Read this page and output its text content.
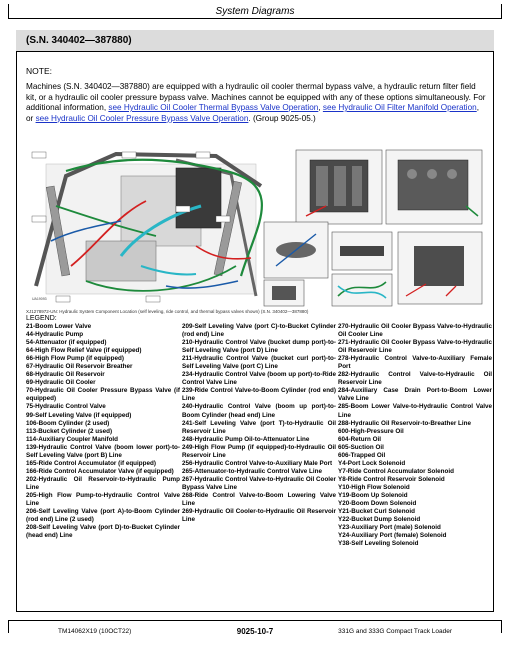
System Diagrams
(S.N. 340402—387880)
NOTE:
Machines (S.N. 340402—387880) are equipped with a hydraulic oil cooler thermal bypass valve, a hydraulic return filter field kit, or a hydraulic oil cooler pressure bypass valve. Machines cannot be equipped with any of these options simultaneously. For additional information, see Hydraulic Oil Cooler Thermal Bypass Valve Operation, see Hydraulic Oil Filter Manifold Operation, or see Hydraulic Oil Cooler Pressure Bypass Valve Operation. (Group 9025-05.)
UA19093
XJ1278972-UN: Hydraulic System Component Location (self leveling, ride control, and thermal bypass valves shown) (S.N. 340402—387880)
LEGEND:
21-Boom Lower Valve
44-Hydraulic Pump
54-Attenuator (if equipped)
64-High Flow Relief Valve (if equipped)
66-High Flow Pump (if equipped)
67-Hydraulic Oil Reservoir Breather
68-Hydraulic Oil Reservoir
69-Hydraulic Oil Cooler
70-Hydraulic Oil Cooler Pressure Bypass Valve (if equipped)
75-Hydraulic Control Valve
99-Self Leveling Valve (if equipped)
106-Boom Cylinder (2 used)
113-Bucket Cylinder (2 used)
114-Auxiliary Coupler Manifold
139-Hydraulic Control Valve (boom lower port)-to-Self Leveling Valve (port B) Line
165-Ride Control Accumulator (if equipped)
166-Ride Control Accumulator Valve (if equipped)
202-Hydraulic Oil Reservoir-to-Hydraulic Pump Line
205-High Flow Pump-to-Hydraulic Control Valve Line
206-Self Leveling Valve (port A)-to-Boom Cylinder (rod end) Line (2 used)
208-Self Leveling Valve (port D)-to-Bucket Cylinder (head end) Line
209-Self Leveling Valve (port C)-to-Bucket Cylinder (rod end) Line
210-Hydraulic Control Valve (bucket dump port)-to-Self Leveling Valve (port D) Line
211-Hydraulic Control Valve (bucket curl port)-to-Self Leveling Valve (port C) Line
234-Hydraulic Control Valve (boom up port)-to-Ride Control Valve Line
239-Ride Control Valve-to-Boom Cylinder (rod end) Line
240-Hydraulic Control Valve (boom up port)-to-Boom Cylinder (head end) Line
241-Self Leveling Valve (port T)-to-Hydraulic Oil Reservoir Line
248-Hydraulic Pump Oil-to-Attenuator Line
249-High Flow Pump (if equipped)-to-Hydraulic Oil Reservoir Line
256-Hydraulic Control Valve-to-Auxiliary Male Port
265-Attenuator-to-Hydraulic Control Valve Line
267-Hydraulic Control Valve-to-Hydraulic Oil Cooler Bypass Valve Line
268-Ride Control Valve-to-Boom Lowering Valve Line
269-Hydraulic Oil Cooler-to-Hydraulic Oil Reservoir Line
270-Hydraulic Oil Cooler Bypass Valve-to-Hydraulic Oil Cooler Line
271-Hydraulic Oil Cooler Bypass Valve-to-Hydraulic Oil Reservoir Line
278-Hydraulic Control Valve-to-Auxiliary Female Port
282-Hydraulic Control Valve-to-Hydraulic Oil Reservoir Line
284-Auxiliary Case Drain Port-to-Boom Lower Valve Line
285-Boom Lower Valve-to-Hydraulic Control Valve Line
288-Hydraulic Oil Reservoir-to-Breather Line
600-High-Pressure Oil
604-Return Oil
605-Suction Oil
606-Trapped Oil
Y4-Port Lock Solenoid
Y7-Ride Control Accumulator Solenoid
Y8-Ride Control Reservoir Solenoid
Y10-High Flow Solenoid
Y19-Boom Up Solenoid
Y20-Boom Down Solenoid
Y21-Bucket Curl Solenoid
Y22-Bucket Dump Solenoid
Y23-Auxiliary Port (male) Solenoid
Y24-Auxiliary Port (female) Solenoid
Y38-Self Leveling Solenoid
TM14062X19 (10OCT22)	9025-10-7	331G and 333G Compact Track Loader
